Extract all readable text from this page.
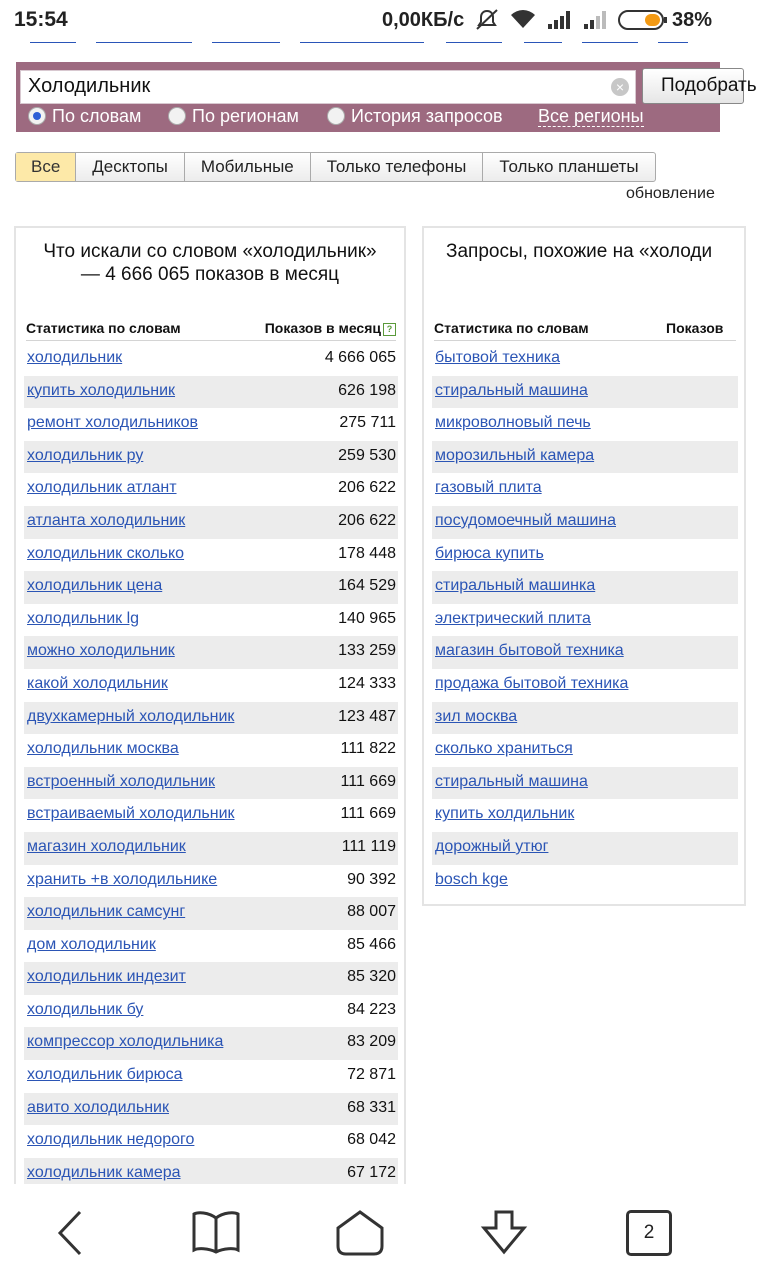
15:54	0,00КБ/с	38%
Холодильник	× Подобрать
По словам	По регионам	История запросов Все регионы
Все	Десктопы	Мобильные	Только телефоны	Только планшеты
обновление
Что искали со словом «холодильник» — 4 666 065 показов в месяц
Статистика по словам	Показов в месяц ?
холодильник	4 666 065
купить холодильник	626 198
ремонт холодильников	275 711
холодильник ру	259 530
холодильник атлант	206 622
атланта холодильник	206 622
холодильник сколько	178 448
холодильник цена	164 529
холодильник lg	140 965
можно холодильник	133 259
какой холодильник	124 333
двухкамерный холодильник	123 487
холодильник москва	111 822
встроенный холодильник	111 669
встраиваемый холодильник	111 669
магазин холодильник	111 119
хранить +в холодильнике	90 392
холодильник самсунг	88 007
дом холодильник	85 466
холодильник индезит	85 320
холодильник бу	84 223
компрессор холодильника	83 209
холодильник бирюса	72 871
авито холодильник	68 331
холодильник недорого	68 042
холодильник камера	67 172
Запросы, похожие на «холоди
Статистика по словам	Показов
бытовой техника
стиральный машина
микроволновый печь
морозильный камера
газовый плита
посудомоечный машина
бирюса купить
стиральный машинка
электрический плита
магазин бытовой техника
продажа бытовой техника
зил москва
сколько храниться
стиральный машина
купить холдильник
дорожный утюг
bosch kge
2
